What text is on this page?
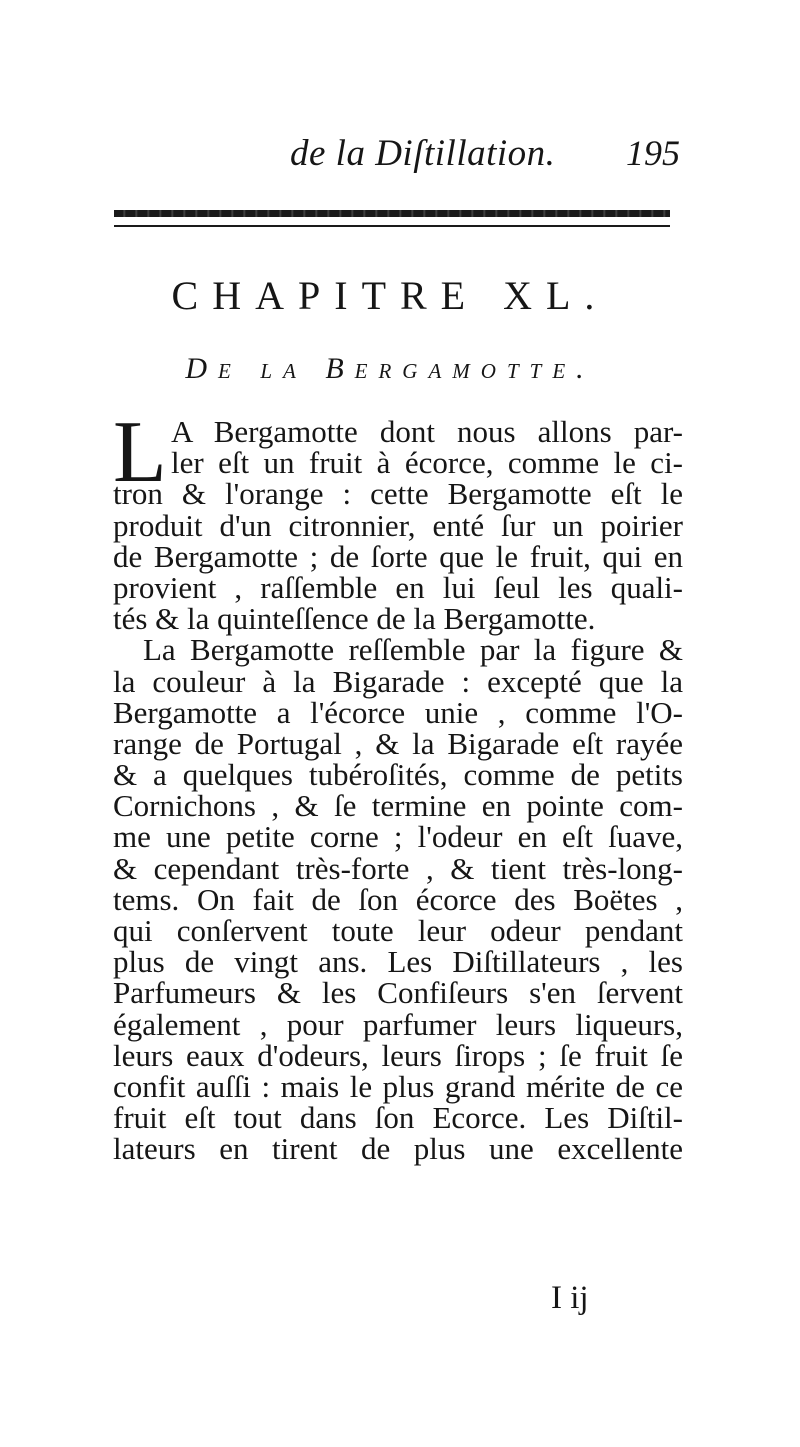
de la Diſtillation. 195
CHAPITRE XL.
De la Bergamotte.
L A Bergamotte dont nous allons par-
ler eſt un fruit à écorce, comme le ci-
tron & l'orange : cette Bergamotte eſt le
produit d'un citronnier, enté ſur un poirier
de Bergamotte ; de ſorte que le fruit, qui en
provient , raſſemble en lui ſeul les quali-
tés & la quinteſſence de la Bergamotte.
La Bergamotte reſſemble par la figure &
la couleur à la Bigarade : excepté que la
Bergamotte a l'écorce unie , comme l'O-
range de Portugal , & la Bigarade eſt rayée
& a quelques tubéroſités, comme de petits
Cornichons , & ſe termine en pointe com-
me une petite corne ; l'odeur en eſt ſuave,
& cependant très-forte , & tient très-long-
tems. On fait de ſon écorce des Boëtes ,
qui conſervent toute leur odeur pendant
plus de vingt ans. Les Diſtillateurs , les
Parfumeurs & les Confiſeurs s'en ſervent
également , pour parfumer leurs liqueurs,
leurs eaux d'odeurs, leurs ſirops ; ſe fruit ſe
confit auſſi : mais le plus grand mérite de ce
fruit eſt tout dans ſon Ecorce. Les Diſtil-
lateurs en tirent de plus une excellente
I ij
